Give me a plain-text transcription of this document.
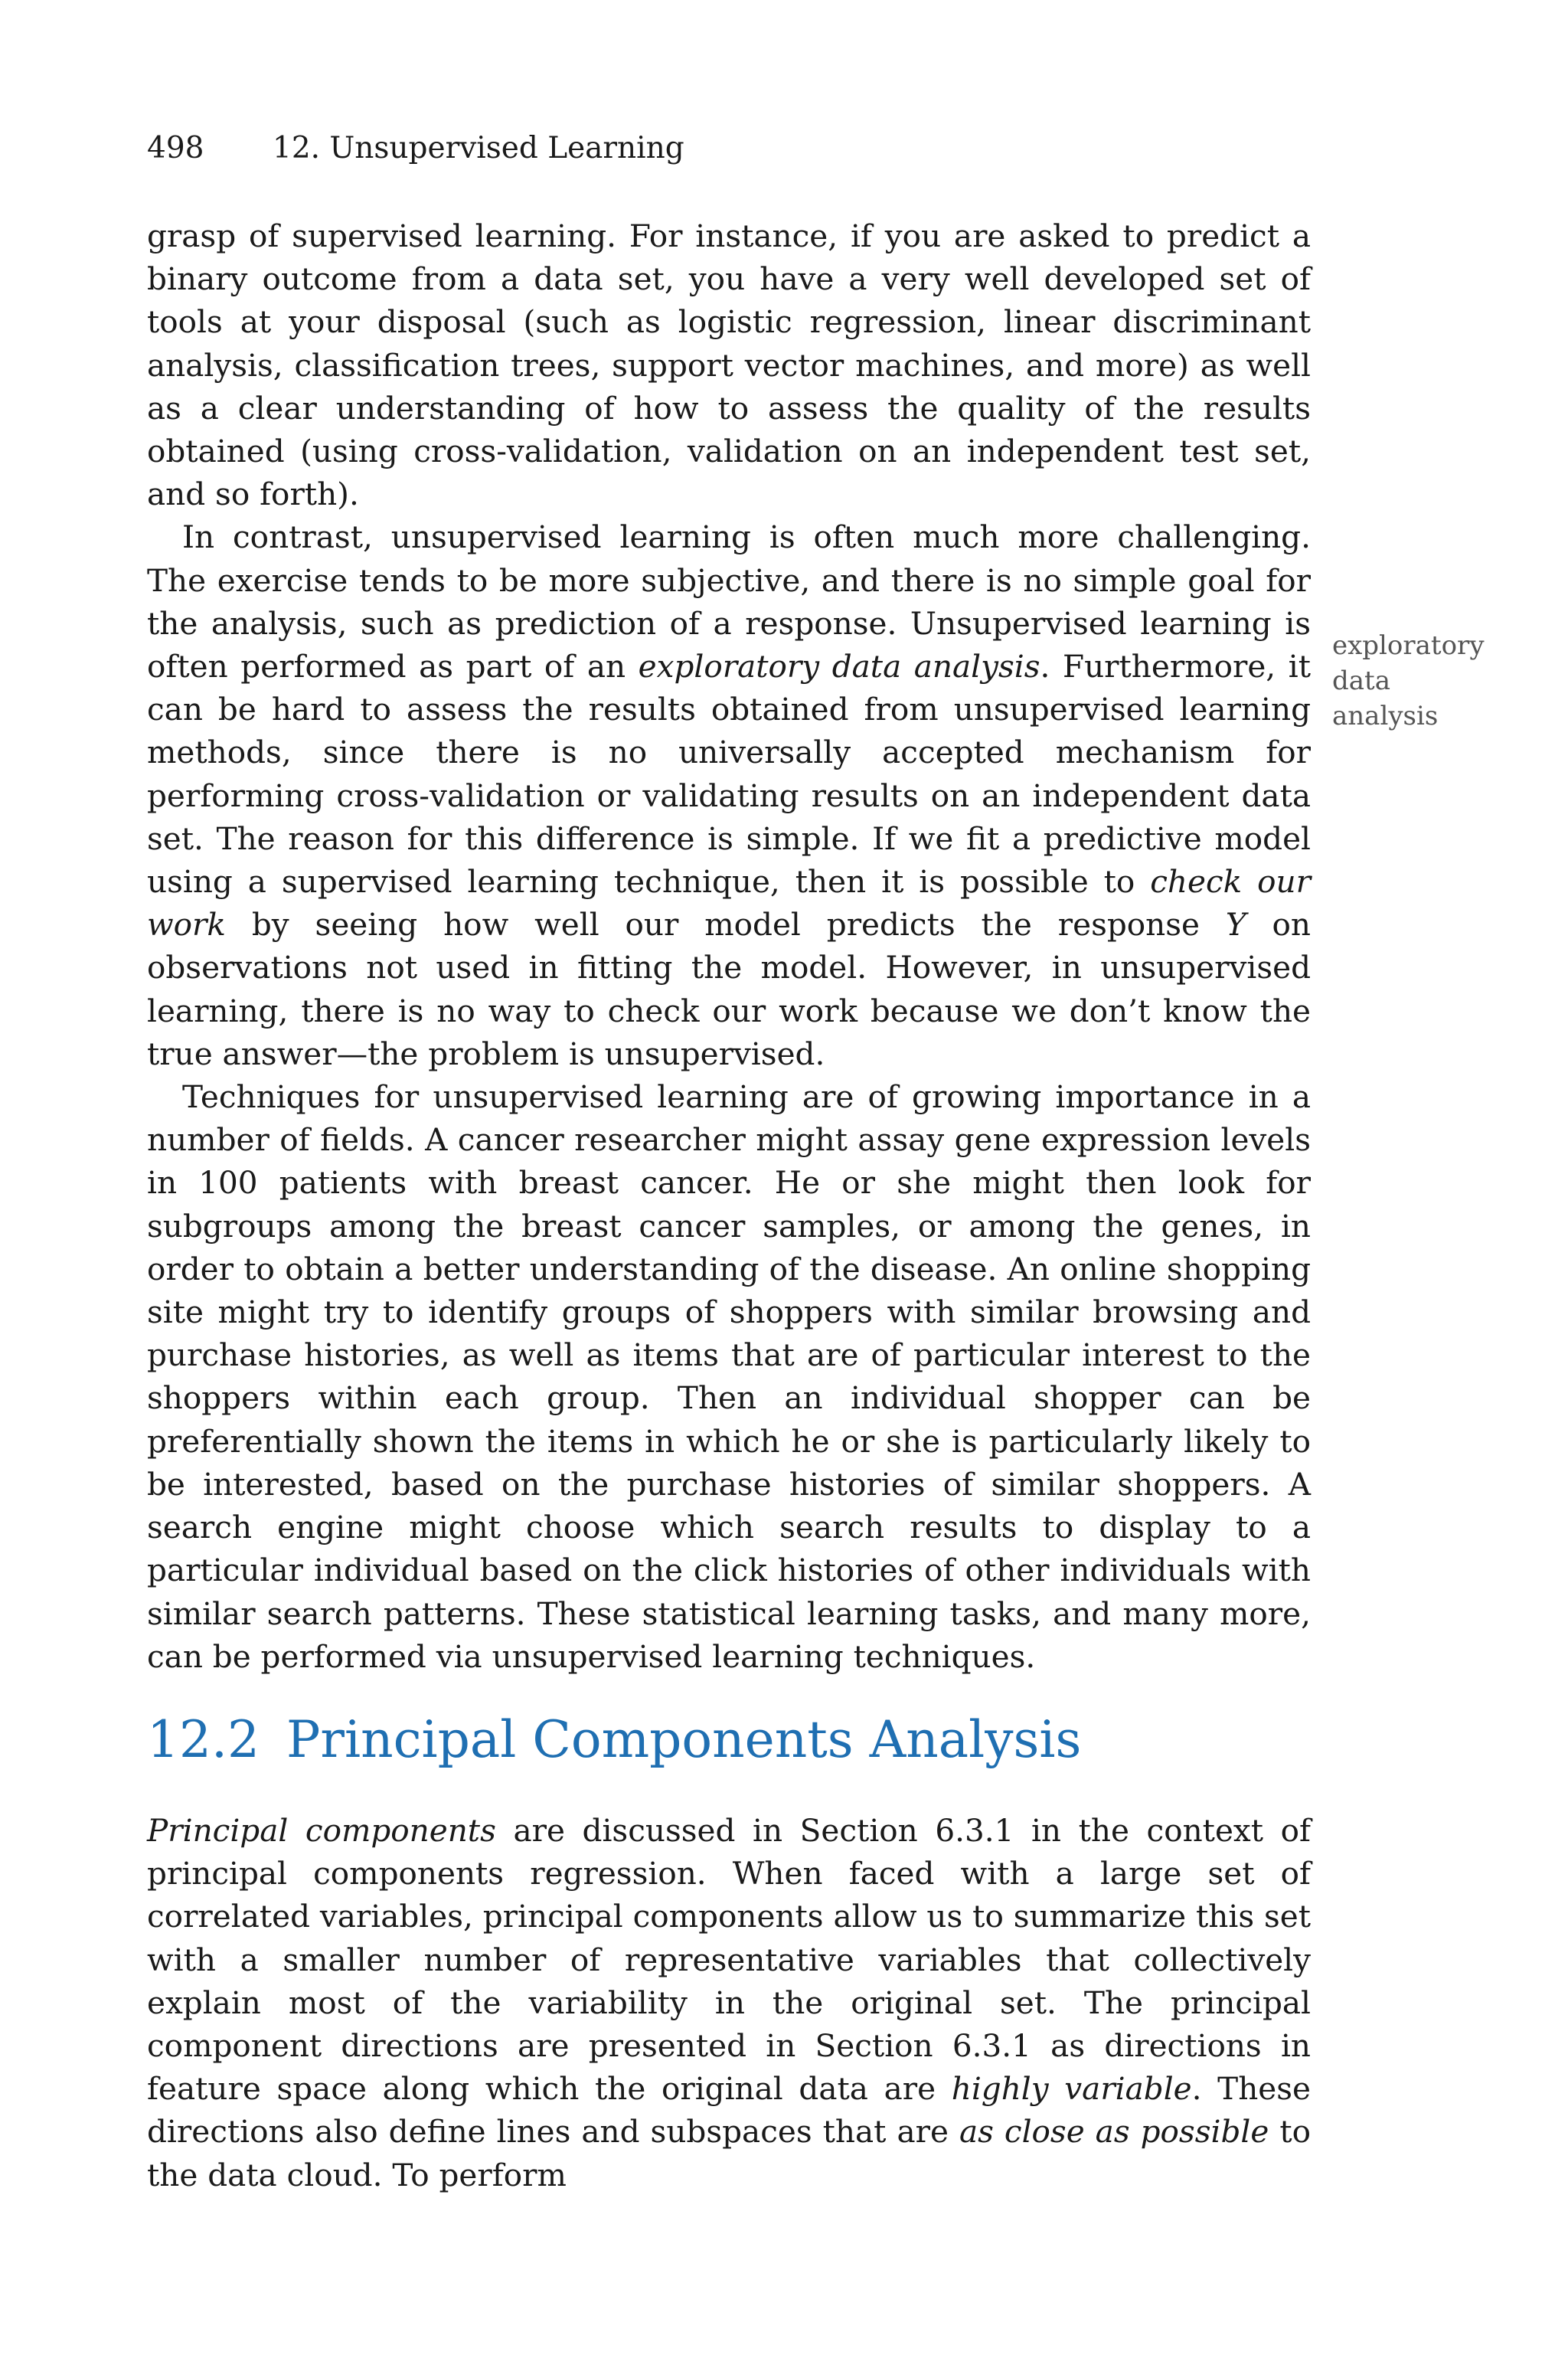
498 12. Unsupervised Learning

grasp of supervised learning. For instance, if you are asked to predict a binary outcome from a data set, you have a very well developed set of tools at your disposal (such as logistic regression, linear discriminant analysis, classification trees, support vector machines, and more) as well as a clear understanding of how to assess the quality of the results obtained (using cross-validation, validation on an independent test set, and so forth).

In contrast, unsupervised learning is often much more challenging. The exercise tends to be more subjective, and there is no simple goal for the analysis, such as prediction of a response. Unsupervised learning is often performed as part of an exploratory data analysis. Furthermore, it can be hard to assess the results obtained from unsupervised learning methods, since there is no universally accepted mechanism for performing cross-validation or validating results on an independent data set. The reason for this difference is simple. If we fit a predictive model using a supervised learning technique, then it is possible to check our work by seeing how well our model predicts the response Y on observations not used in fitting the model. However, in unsupervised learning, there is no way to check our work because we don’t know the true answer—the problem is unsupervised.

Techniques for unsupervised learning are of growing importance in a number of fields. A cancer researcher might assay gene expression levels in 100 patients with breast cancer. He or she might then look for subgroups among the breast cancer samples, or among the genes, in order to obtain a better understanding of the disease. An online shopping site might try to identify groups of shoppers with similar browsing and purchase histories, as well as items that are of particular interest to the shoppers within each group. Then an individual shopper can be preferentially shown the items in which he or she is particularly likely to be interested, based on the purchase histories of similar shoppers. A search engine might choose which search results to display to a particular individual based on the click histories of other individuals with similar search patterns. These statistical learning tasks, and many more, can be performed via unsupervised learning techniques.

exploratory
data
analysis
12.2 Principal Components Analysis

Principal components are discussed in Section 6.3.1 in the context of principal components regression. When faced with a large set of correlated variables, principal components allow us to summarize this set with a smaller number of representative variables that collectively explain most of the variability in the original set. The principal component directions are presented in Section 6.3.1 as directions in feature space along which the original data are highly variable. These directions also define lines and subspaces that are as close as possible to the data cloud. To perform
